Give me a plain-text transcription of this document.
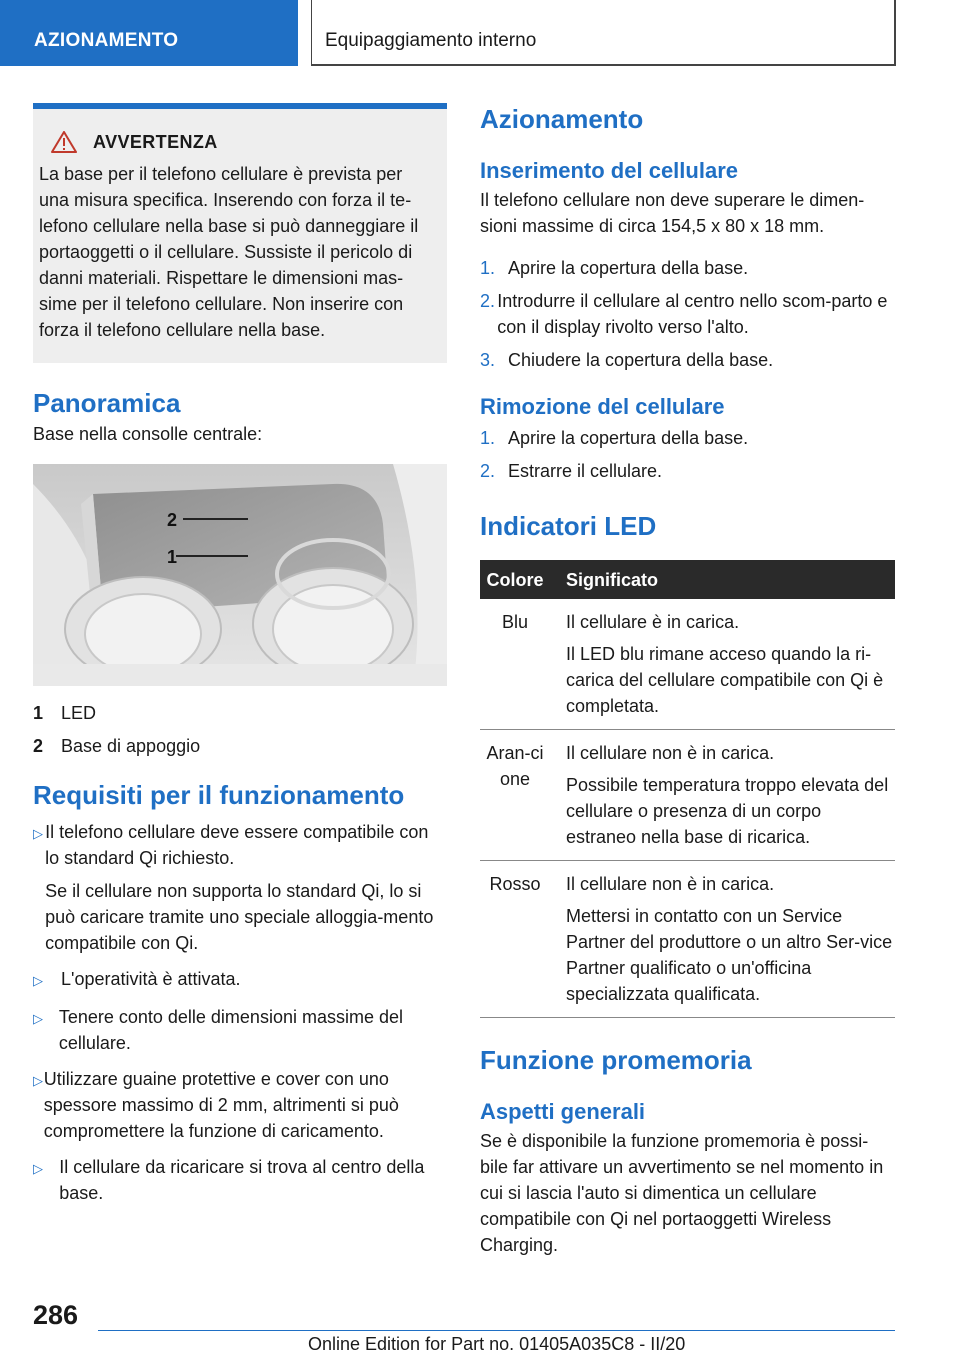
AZIONAMENTO	Equipaggiamento interno
AVVERTENZA
La base per il telefono cellulare è prevista per una misura specifica. Inserendo con forza il te-lefono cellulare nella base si può danneggiare il portaoggetti o il cellulare. Sussiste il pericolo di danni materiali. Rispettare le dimensioni mas-sime per il telefono cellulare. Non inserire con forza il telefono cellulare nella base.
Panoramica
Base nella consolle centrale:
2
1
1 LED
2 Base di appoggio
Requisiti per il funzionamento
▷ Il telefono cellulare deve essere compatibile con lo standard Qi richiesto.

Se il cellulare non supporta lo standard Qi, lo si può caricare tramite uno speciale alloggia-mento compatibile con Qi.

▷	L'operatività è attivata.

▷ Tenere conto delle dimensioni massime del cellulare.

▷ Utilizzare guaine protettive e cover con uno spessore massimo di 2 mm, altrimenti si può compromettere la funzione di caricamento.

▷ Il cellulare da ricaricare si trova al centro della base.

Azionamento
Inserimento del cellulare
Il telefono cellulare non deve superare le dimen-sioni massime di circa 154,5 x 80 x 18 mm.
1. Aprire la copertura della base.
2. Introdurre il cellulare al centro nello scom-parto e con il display rivolto verso l'alto.
3. Chiudere la copertura della base.
Rimozione del cellulare
1. Aprire la copertura della base.
2. Estrarre il cellulare.
Indicatori LED
Colore	Significato
Blu	Il cellulare è in carica.

Il LED blu rimane acceso quando la ri-carica del cellulare compatibile con Qi è completata.

Aran-cione	Il cellulare non è in carica.

Possibile temperatura troppo elevata del cellulare o presenza di un corpo estraneo nella base di ricarica.

Rosso	Il cellulare non è in carica.

Mettersi in contatto con un Service Partner del produttore o un altro Ser-vice Partner qualificato o un'officina specializzata qualificata.

Funzione promemoria
Aspetti generali
Se è disponibile la funzione promemoria è possi-bile far attivare un avvertimento se nel momento in cui si lascia l'auto si dimentica un cellulare compatibile con Qi nel portaoggetti Wireless Charging.
286
Online Edition for Part no. 01405A035C8 - II/20
